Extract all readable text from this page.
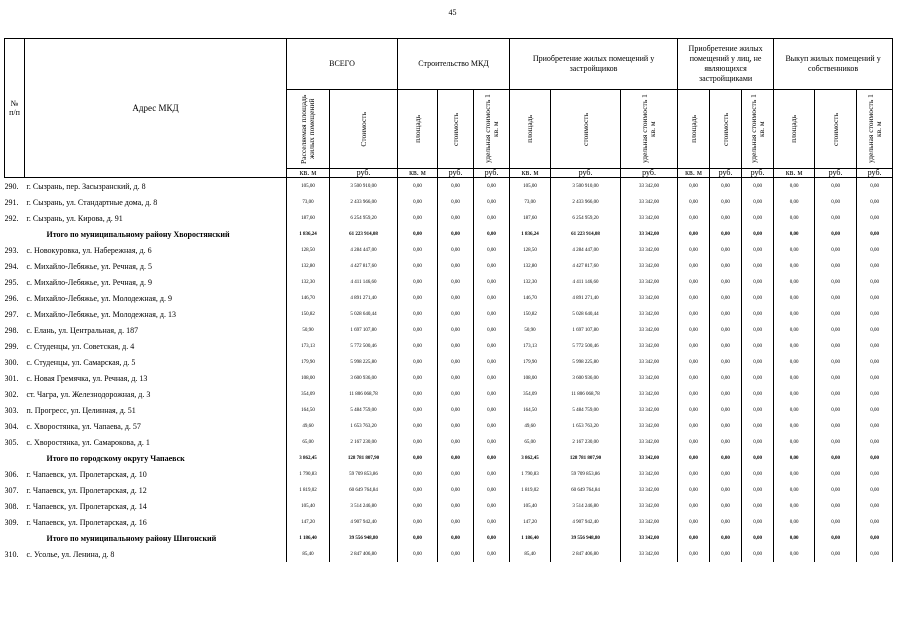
45
№
п/п	Адрес МКД	ВСЕГО		Строительство МКД			Приобретение жилых помещений у застройщиков			Приобретение жилых помещений у лиц, не являющихся застройщиками			Выкуп жилых помещений у собственников		

		Расселяемая площадь жилых помещений	Стоимость	площадь	стоимость	удельная стоимость 1 кв. м	площадь	стоимость	удельная стоимость 1 кв. м	площадь	стоимость	удельная стоимость 1 кв. м	площадь	стоимость	удельная стоимость 1 кв. м

		кв. м	руб.	кв. м	руб.	руб.	кв. м	руб.	руб.	кв. м	руб.	руб.	кв. м	руб.	руб.
290.	г. Сызрань, пер. Засызранский, д. 8	105,00	3 500 910,00	0,00	0,00	0,00	105,00	3 500 910,00	33 342,00	0,00	0,00	0,00	0,00	0,00	0,00
291.	г. Сызрань, ул. Стандартные дома, д. 8	73,00	2 433 966,00	0,00	0,00	0,00	73,00	2 433 966,00	33 342,00	0,00	0,00	0,00	0,00	0,00	0,00
292.	г. Сызрань, ул. Кирова, д. 91	187,60	6 254 959,20	0,00	0,00	0,00	187,60	6 254 959,20	33 342,00	0,00	0,00	0,00	0,00	0,00	0,00
	Итого по муниципальному району Хворостянский	1 836,24	61 223 914,08	0,00	0,00	0,00	1 836,24	61 223 914,08	33 342,00	0,00	0,00	0,00	0,00	0,00	0,00
293.	с. Новокуровка, ул. Набережная, д. 6	128,50	4 284 447,00	0,00	0,00	0,00	128,50	4 284 447,00	33 342,00	0,00	0,00	0,00	0,00	0,00	0,00
294.	с. Михайло-Лебяжье, ул. Речная, д. 5	132,80	4 427 817,60	0,00	0,00	0,00	132,80	4 427 817,60	33 342,00	0,00	0,00	0,00	0,00	0,00	0,00
295.	с. Михайло-Лебяжье, ул. Речная, д. 9	132,30	4 411 146,60	0,00	0,00	0,00	132,30	4 411 146,60	33 342,00	0,00	0,00	0,00	0,00	0,00	0,00
296.	с. Михайло-Лебяжье, ул. Молодежная, д. 9	146,70	4 891 271,40	0,00	0,00	0,00	146,70	4 891 271,40	33 342,00	0,00	0,00	0,00	0,00	0,00	0,00
297.	с. Михайло-Лебяжье, ул. Молодежная, д. 13	150,82	5 028 640,44	0,00	0,00	0,00	150,82	5 028 640,44	33 342,00	0,00	0,00	0,00	0,00	0,00	0,00
298.	с. Елань, ул. Центральная, д. 187	50,90	1 697 107,80	0,00	0,00	0,00	50,90	1 697 107,80	33 342,00	0,00	0,00	0,00	0,00	0,00	0,00
299.	с. Студенцы, ул. Советская, д. 4	173,13	5 772 500,46	0,00	0,00	0,00	173,13	5 772 500,46	33 342,00	0,00	0,00	0,00	0,00	0,00	0,00
300.	с. Студенцы, ул. Самарская, д. 5	179,90	5 998 225,80	0,00	0,00	0,00	179,90	5 998 225,80	33 342,00	0,00	0,00	0,00	0,00	0,00	0,00
301.	с. Новая Гремячка, ул. Речная, д. 13	108,00	3 600 936,00	0,00	0,00	0,00	108,00	3 600 936,00	33 342,00	0,00	0,00	0,00	0,00	0,00	0,00
302.	ст. Чагра, ул. Железнодорожная, д. 3	354,09	11 806 068,78	0,00	0,00	0,00	354,09	11 806 068,78	33 342,00	0,00	0,00	0,00	0,00	0,00	0,00
303.	п. Прогресс, ул. Целинная, д. 51	164,50	5 484 759,00	0,00	0,00	0,00	164,50	5 484 759,00	33 342,00	0,00	0,00	0,00	0,00	0,00	0,00
304.	с. Хворостянка, ул. Чапаева, д. 57	49,60	1 653 763,20	0,00	0,00	0,00	49,60	1 653 763,20	33 342,00	0,00	0,00	0,00	0,00	0,00	0,00
305.	с. Хворостянка, ул. Самарокова, д. 1	65,00	2 167 230,00	0,00	0,00	0,00	65,00	2 167 230,00	33 342,00	0,00	0,00	0,00	0,00	0,00	0,00
	Итого по городскому округу Чапаевск	3 862,45	128 781 807,90	0,00	0,00	0,00	3 862,45	128 781 807,90	33 342,00	0,00	0,00	0,00	0,00	0,00	0,00
306.	г. Чапаевск, ул. Пролетарская, д. 10	1 790,83	59 709 853,86	0,00	0,00	0,00	1 790,83	59 709 853,86	33 342,00	0,00	0,00	0,00	0,00	0,00	0,00
307.	г. Чапаевск, ул. Пролетарская, д. 12	1 819,02	60 649 764,84	0,00	0,00	0,00	1 819,02	60 649 764,84	33 342,00	0,00	0,00	0,00	0,00	0,00	0,00
308.	г. Чапаевск, ул. Пролетарская, д. 14	105,40	3 514 246,80	0,00	0,00	0,00	105,40	3 514 246,80	33 342,00	0,00	0,00	0,00	0,00	0,00	0,00
309.	г. Чапаевск, ул. Пролетарская, д. 16	147,20	4 907 942,40	0,00	0,00	0,00	147,20	4 907 942,40	33 342,00	0,00	0,00	0,00	0,00	0,00	0,00
	Итого по муниципальному району Шигонский	1 186,40	39 556 948,80	0,00	0,00	0,00	1 186,40	39 556 948,80	33 342,00	0,00	0,00	0,00	0,00	0,00	0,00
310.	с. Усолье, ул. Ленина, д. 8	85,40	2 847 406,80	0,00	0,00	0,00	85,40	2 847 406,80	33 342,00	0,00	0,00	0,00	0,00	0,00	0,00
